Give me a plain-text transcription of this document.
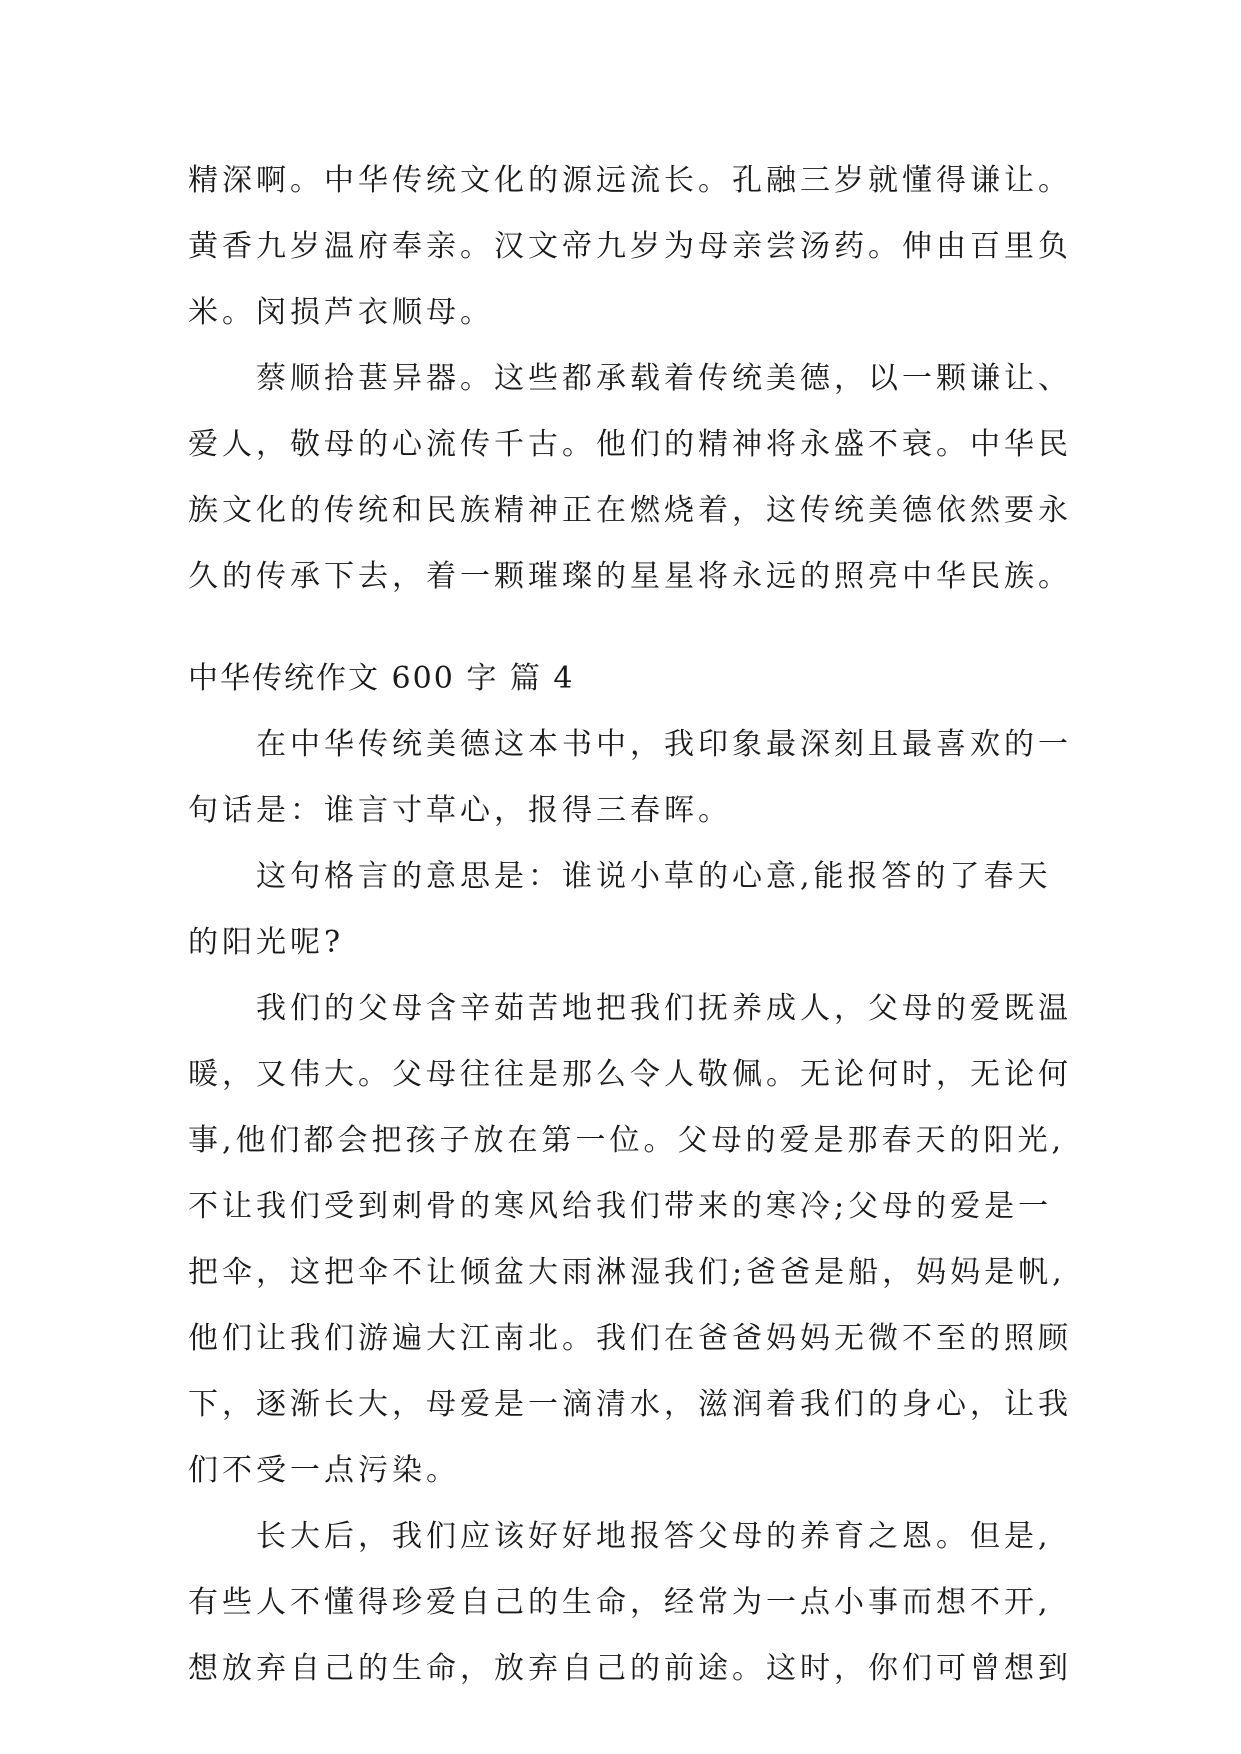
精深啊。中华传统文化的源远流长。孔融三岁就懂得谦让。
黄香九岁温府奉亲。汉文帝九岁为母亲尝汤药。伸由百里负
米。闵损芦衣顺母。
蔡顺拾葚异器。这些都承载着传统美德，以一颗谦让、
爱人，敬母的心流传千古。他们的精神将永盛不衰。中华民
族文化的传统和民族精神正在燃烧着，这传统美德依然要永
久的传承下去，着一颗璀璨的星星将永远的照亮中华民族。
中华传统作文 600 字 篇 4
在中华传统美德这本书中，我印象最深刻且最喜欢的一
句话是：谁言寸草心，报得三春晖。
这句格言的意思是：谁说小草的心意,能报答的了春天
的阳光呢?
我们的父母含辛茹苦地把我们抚养成人，父母的爱既温
暖，又伟大。父母往往是那么令人敬佩。无论何时，无论何
事,他们都会把孩子放在第一位。父母的爱是那春天的阳光,
不让我们受到刺骨的寒风给我们带来的寒冷;父母的爱是一
把伞，这把伞不让倾盆大雨淋湿我们;爸爸是船，妈妈是帆,
他们让我们游遍大江南北。我们在爸爸妈妈无微不至的照顾
下，逐渐长大，母爱是一滴清水，滋润着我们的身心，让我
们不受一点污染。
长大后，我们应该好好地报答父母的养育之恩。但是,
有些人不懂得珍爱自己的生命，经常为一点小事而想不开,
想放弃自己的生命，放弃自己的前途。这时，你们可曾想到
